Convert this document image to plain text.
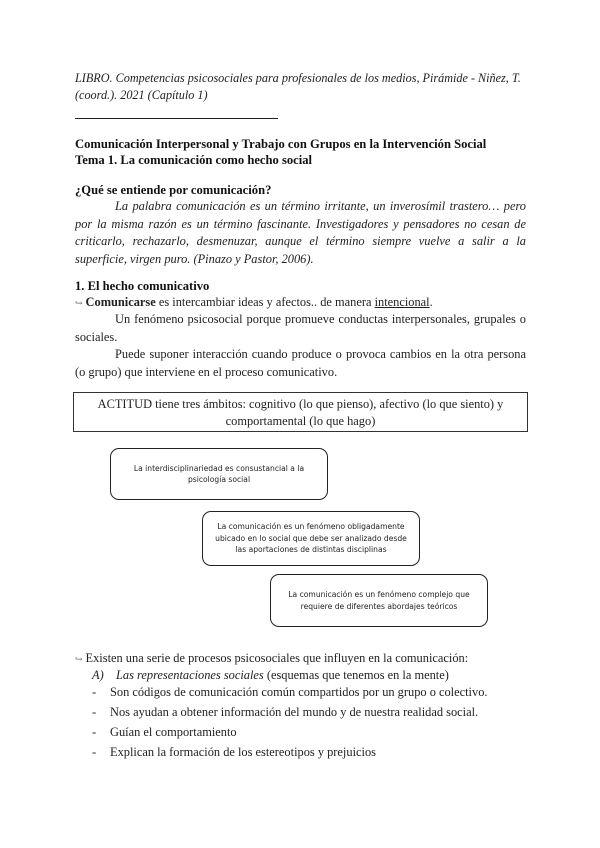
LIBRO. Competencias psicosociales para profesionales de los medios, Pirámide - Niñez, T. (coord.). 2021 (Capítulo 1)
Comunicación Interpersonal y Trabajo con Grupos en la Intervención Social
Tema 1. La comunicación como hecho social
¿Qué se entiende por comunicación?
La palabra comunicación es un término irritante, un inverosímil trastero… pero por la misma razón es un término fascinante. Investigadores y pensadores no cesan de criticarlo, rechazarlo, desmenuzar, aunque el término siempre vuelve a salir a la superficie, virgen puro. (Pinazo y Pastor, 2006).
1. El hecho comunicativo
↪ Comunicarse es intercambiar ideas y afectos.. de manera intencional.
Un fenómeno psicosocial porque promueve conductas interpersonales, grupales o sociales.
Puede suponer interacción cuando produce o provoca cambios en la otra persona (o grupo) que interviene en el proceso comunicativo.
ACTITUD tiene tres ámbitos: cognitivo (lo que pienso), afectivo (lo que siento) y
comportamental (lo que hago)
La interdisciplinariedad es consustancial a la psicología social
La comunicación es un fenómeno obligadamente ubicado en lo social que debe ser analizado desde las aportaciones de distintas disciplinas
La comunicación es un fenómeno complejo que requiere de diferentes abordajes teóricos
↪ Existen una serie de procesos psicosociales que influyen en la comunicación:
A) Las representaciones sociales (esquemas que tenemos en la mente)
- Son códigos de comunicación común compartidos por un grupo o colectivo.
- Nos ayudan a obtener información del mundo y de nuestra realidad social.
- Guían el comportamiento
- Explican la formación de los estereotipos y prejuicios
